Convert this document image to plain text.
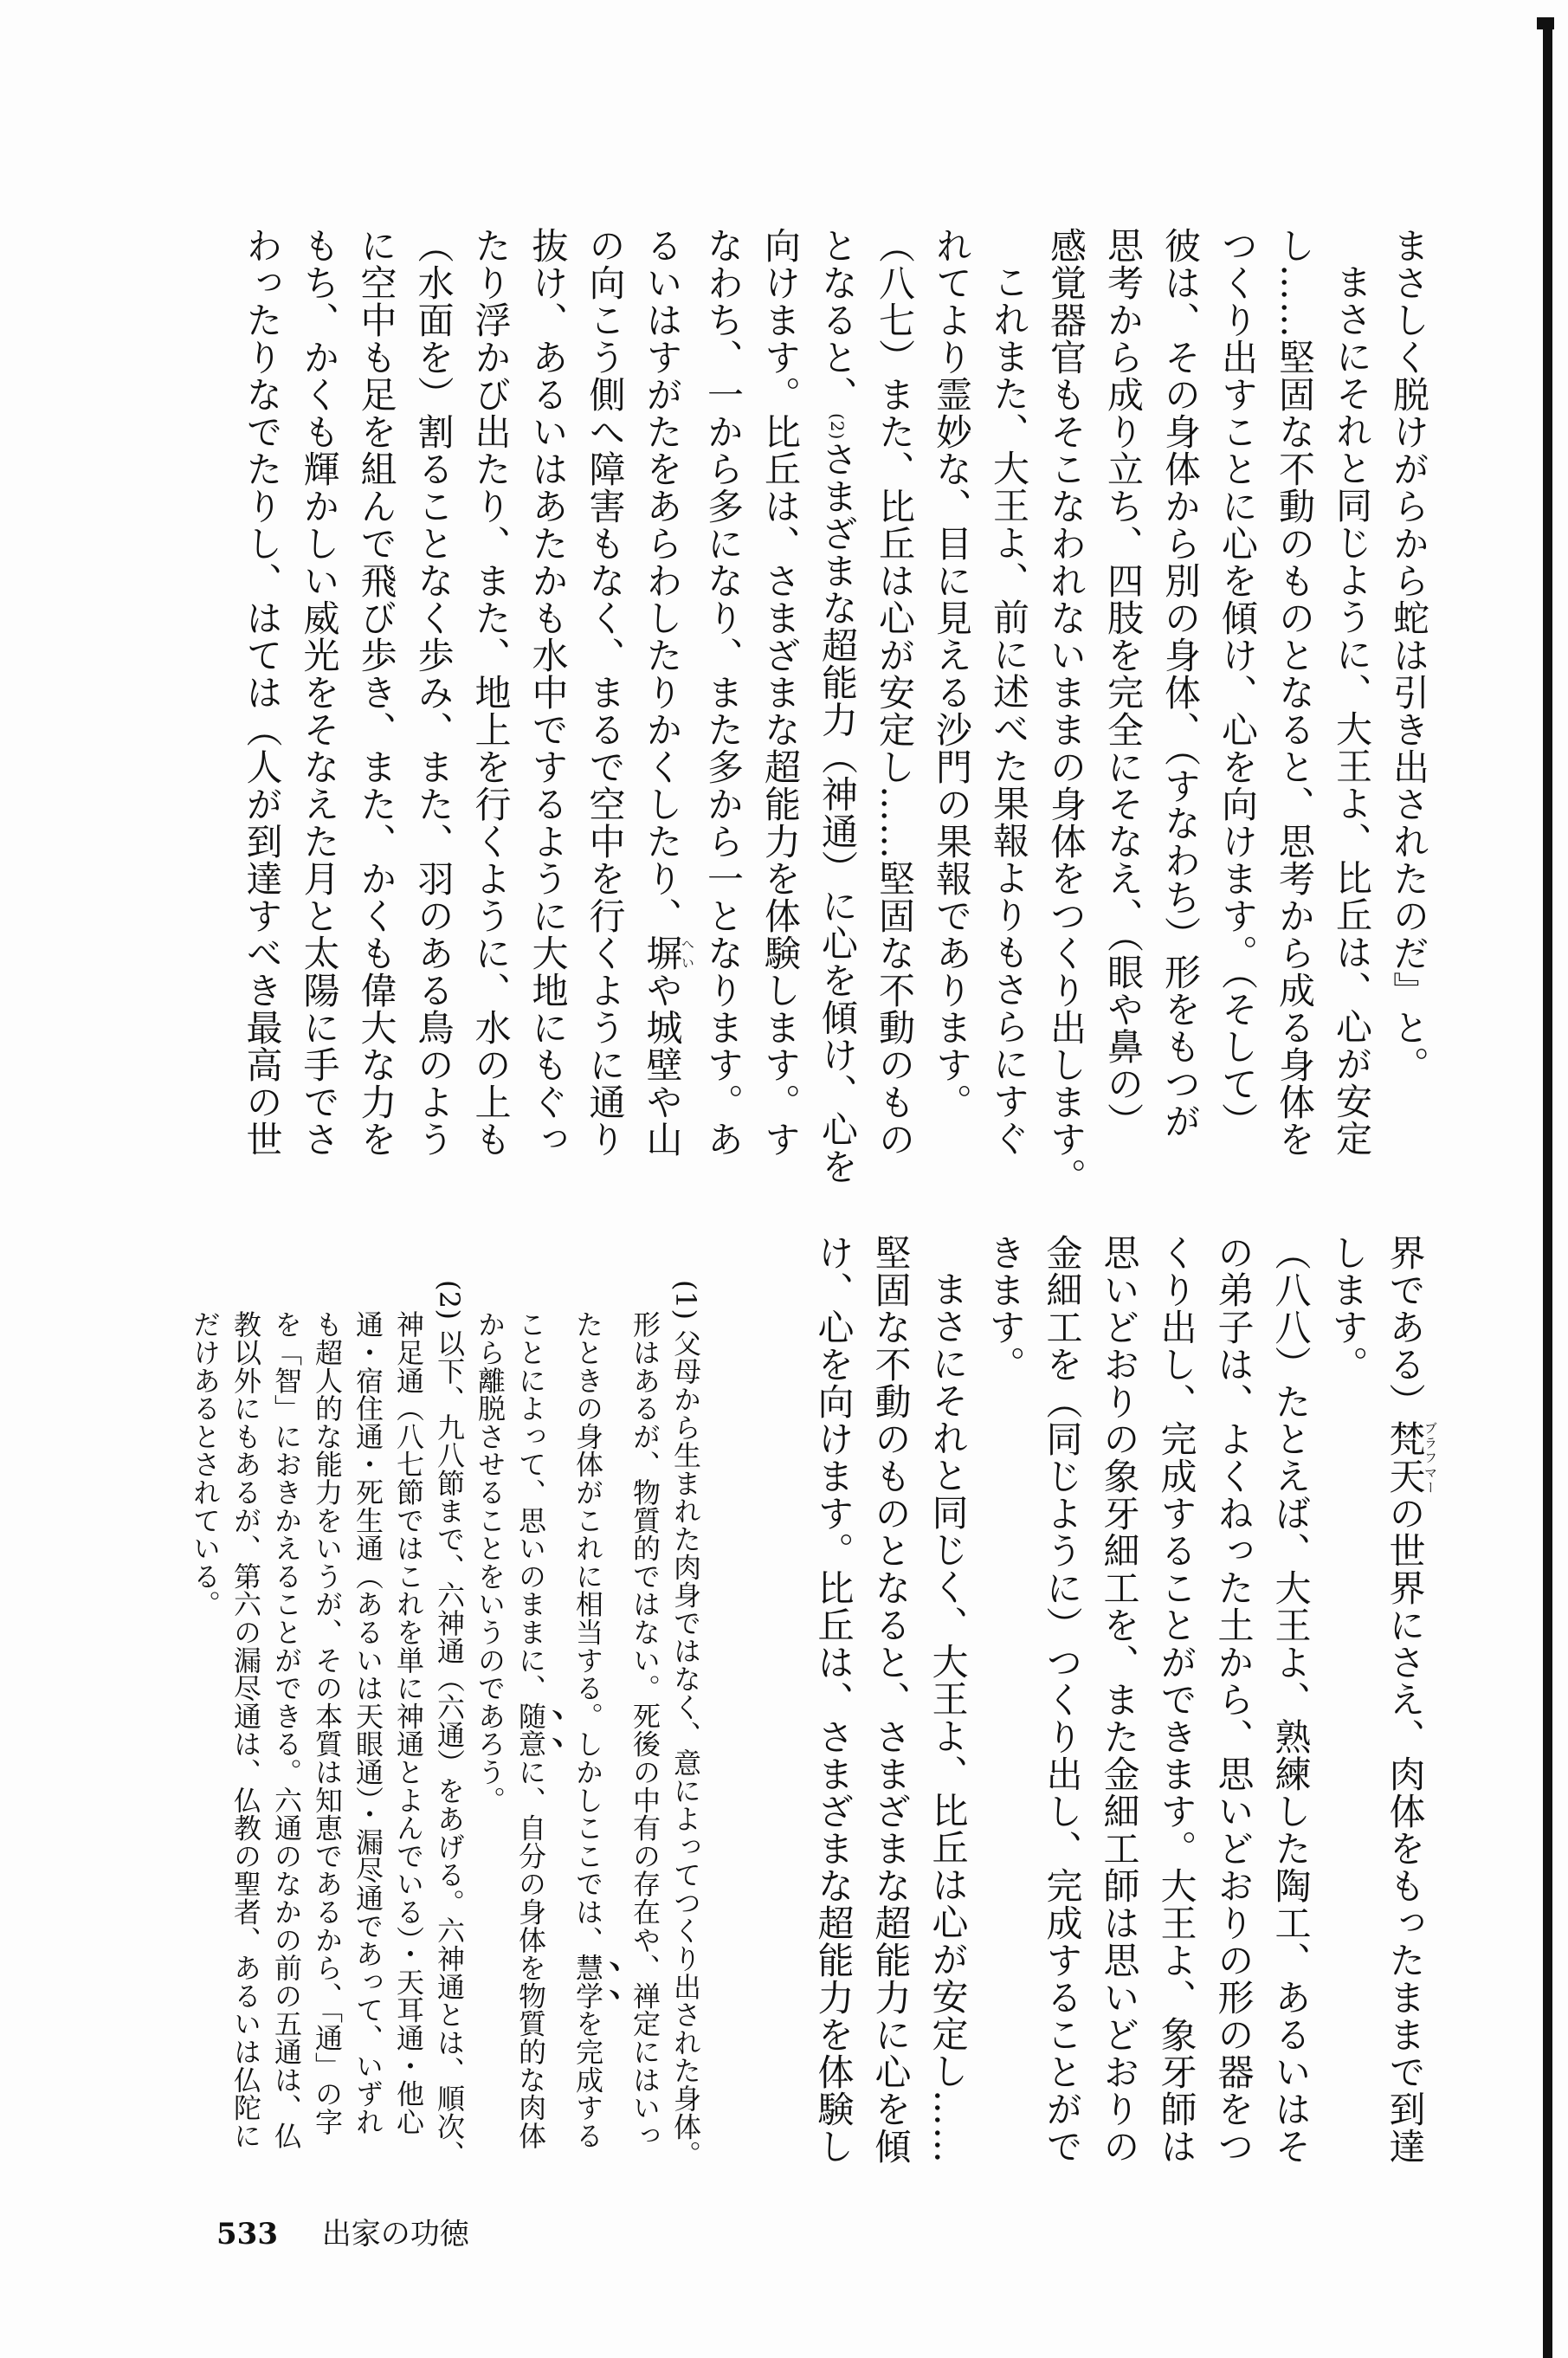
まさしく脱けがらから蛇は引き出されたのだ』と。
まさにそれと同じように、大王よ、比丘は、心が安定
し……堅固な不動のものとなると、思考から成る身体を
つくり出すことに心を傾け、心を向けます。（そして）
彼は、その身体から別の身体、（すなわち）形をもつが
思考から成り立ち、四肢を完全にそなえ、（眼や鼻の）
感覚器官もそこなわれないままの身体をつくり出します。
これまた、大王よ、前に述べた果報よりもさらにすぐ
れてより霊妙な、目に見える沙門の果報であります。
（八七）また、比丘は心が安定し……堅固な不動のもの
となると、(2)さまざまな超能力（神通）に心を傾け、心を
向けます。比丘は、さまざまな超能力を体験します。す
なわち、一から多になり、また多から一となります。あ
るいはすがたをあらわしたりかくしたり、塀へいや城壁や山
の向こう側へ障害もなく、まるで空中を行くように通り
抜け、あるいはあたかも水中でするように大地にもぐっ
たり浮かび出たり、また、地上を行くように、水の上も
（水面を）割ることなく歩み、また、羽のある鳥のよう
に空中も足を組んで飛び歩き、また、かくも偉大な力を
もち、かくも輝かしい威光をそなえた月と太陽に手でさ
わったりなでたりし、はては（人が到達すべき最高の世
界である）梵天ブラフマーの世界にさえ、肉体をもったままで到達
します。
（八八）たとえば、大王よ、熟練した陶工、あるいはそ
の弟子は、よくねった土から、思いどおりの形の器をつ
くり出し、完成することができます。大王よ、象牙師は
思いどおりの象牙細工を、また金細工師は思いどおりの
金細工を（同じように）つくり出し、完成することがで
きます。
まさにそれと同じく、大王よ、比丘は心が安定し……
堅固な不動のものとなると、さまざまな超能力に心を傾
け、心を向けます。比丘は、さまざまな超能力を体験し
(1) 父母から生まれた肉身ではなく、意によってつくり出された身体。
形はあるが、物質的ではない。死後の中有の存在や、禅定にはいっ
たときの身体がこれに相当する。しかしここでは、慧学を完成する
ことによって、思いのままに、随意に、自分の身体を物質的な肉体
から離脱させることをいうのであろう。
(2) 以下、九八節まで、六神通（六通）をあげる。六神通とは、順次、
神足通（八七節ではこれを単に神通とよんでいる）・天耳通・他心
通・宿住通・死生通（あるいは天眼通）・漏尽通であって、いずれ
も超人的な能力をいうが、その本質は知恵であるから、「通」の字
を「智」におきかえることができる。六通のなかの前の五通は、仏
教以外にもあるが、第六の漏尽通は、仏教の聖者、あるいは仏陀に
だけあるとされている。
533 出家の功徳
